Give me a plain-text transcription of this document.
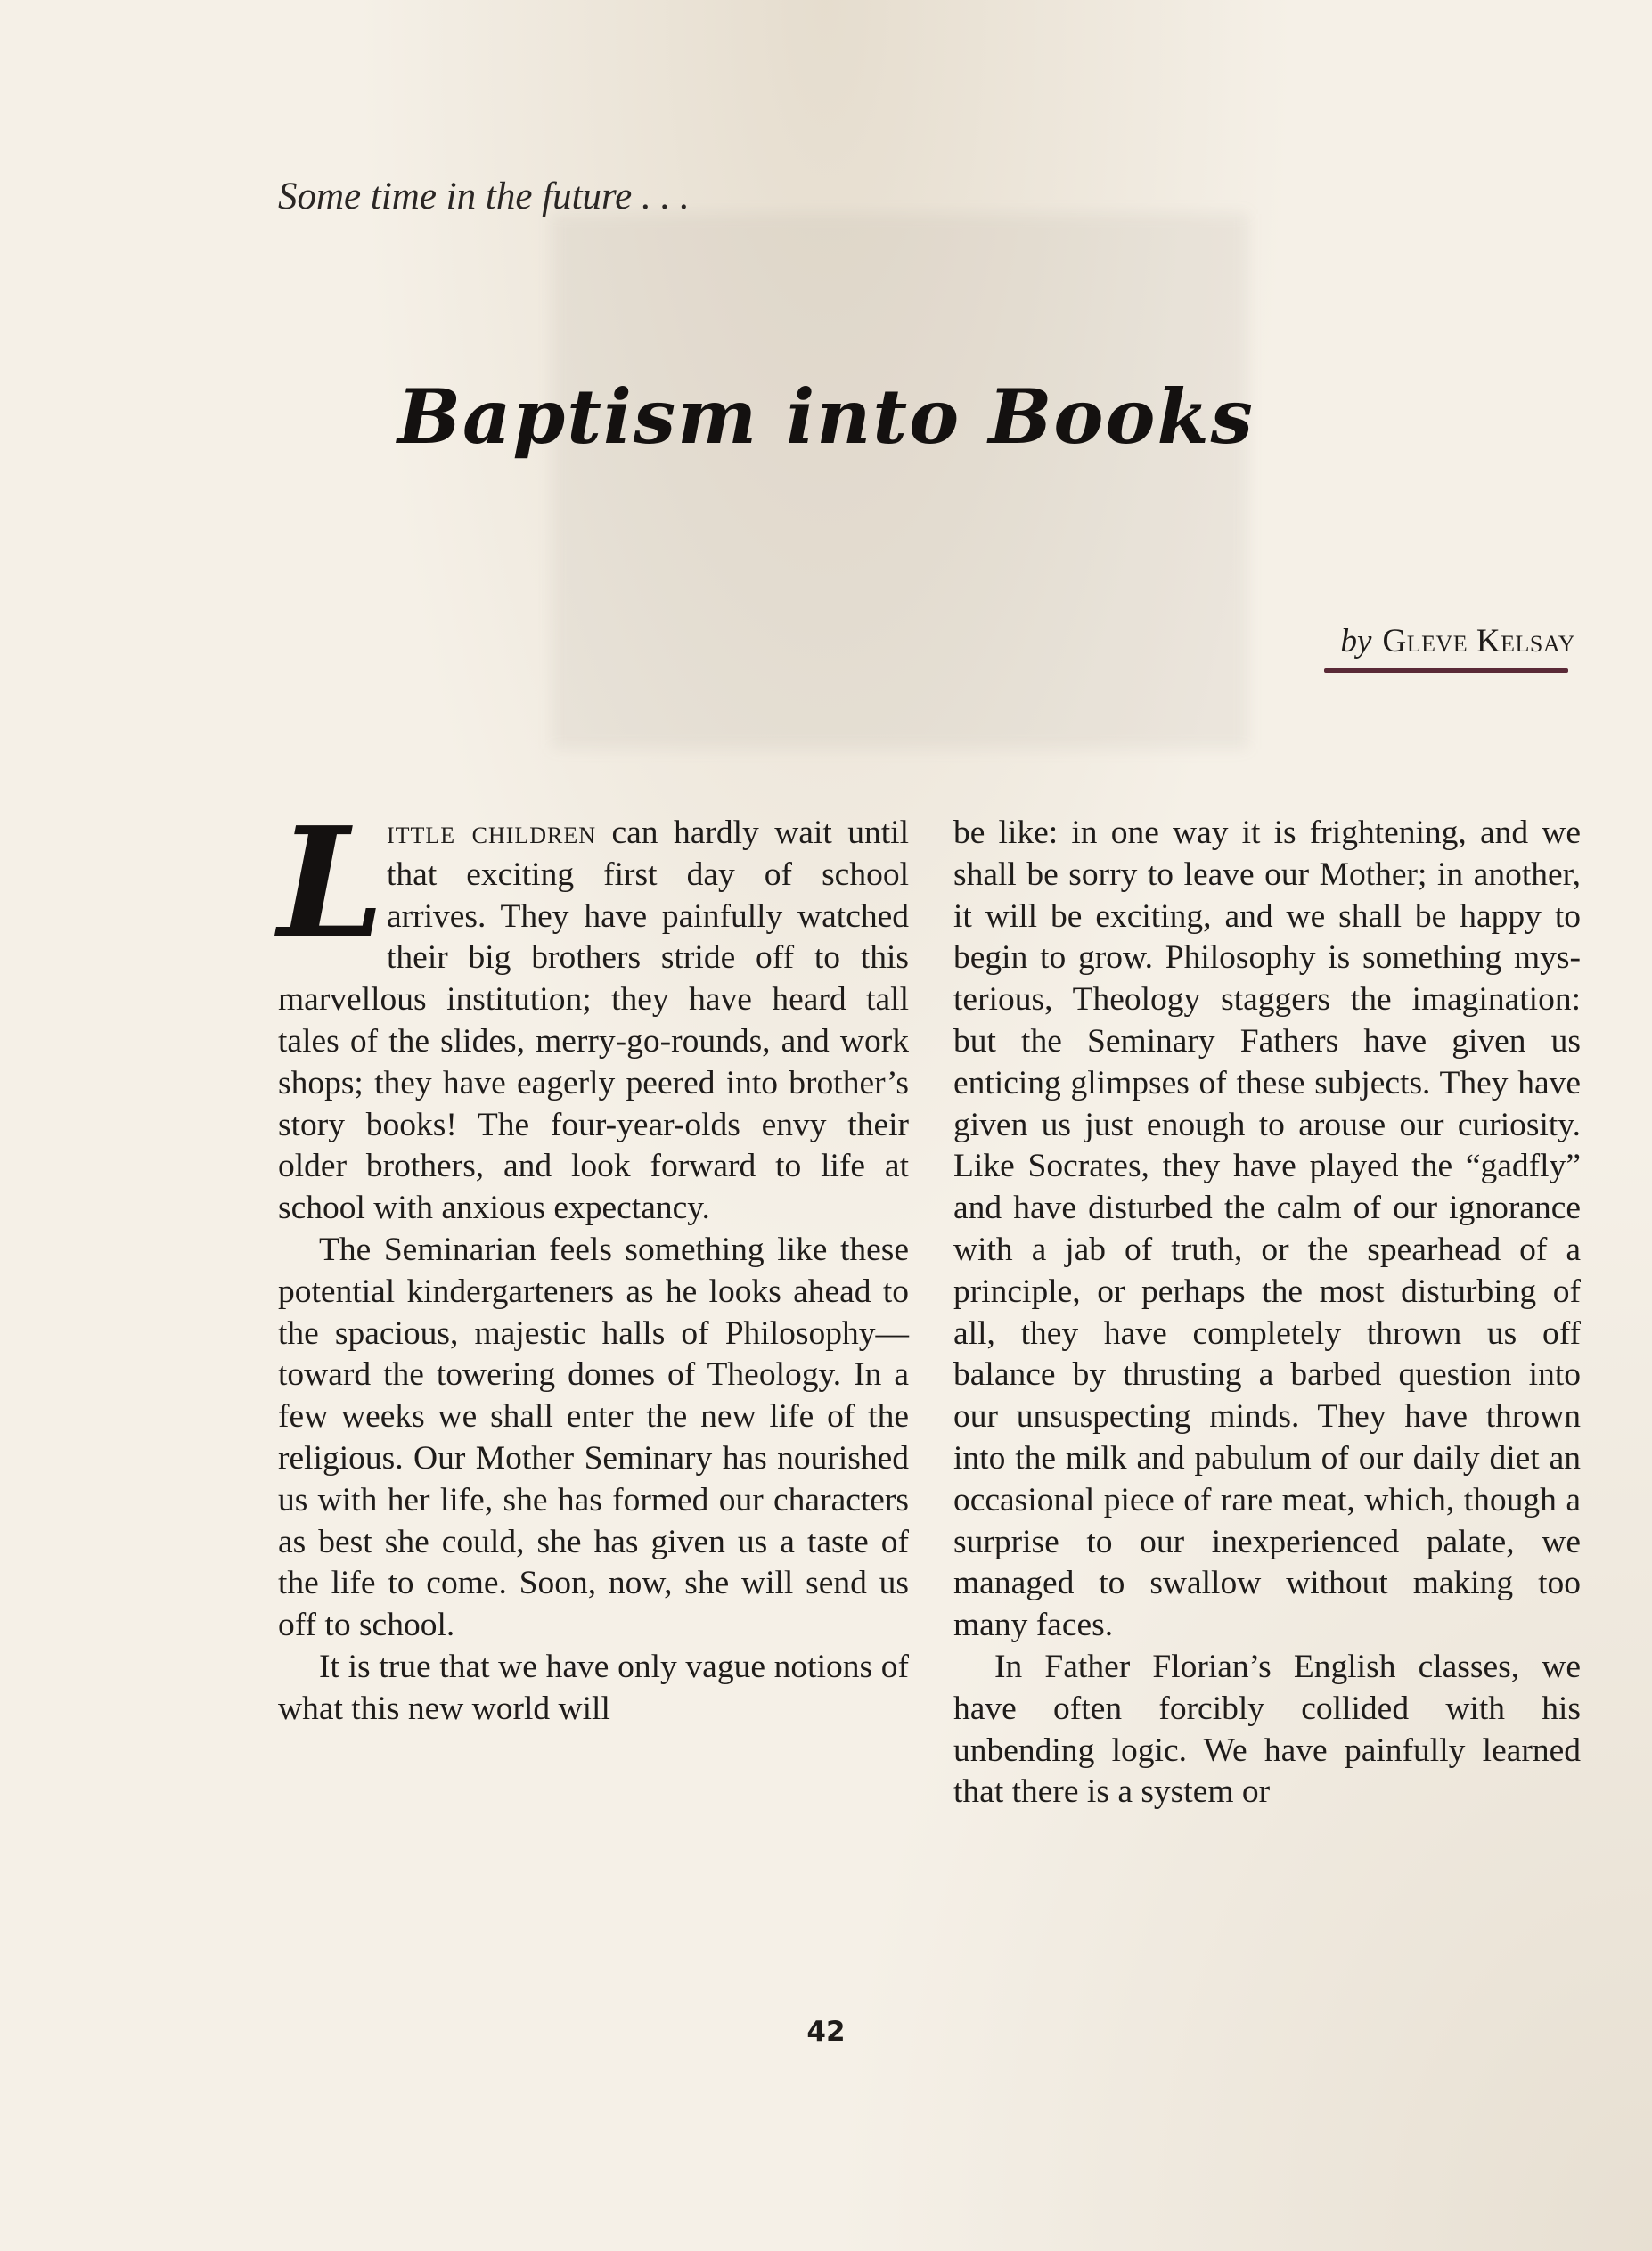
Some time in the future . . .
Baptism into Books
by Gleve Kelsay

Little children can hardly wait until that exciting first day of school arrives. They have painfully watched their big brothers stride off to this marvellous institution; they have heard tall tales of the slides, merry-go-rounds, and work shops; they have eagerly peered into brother’s story books! The four-year-olds envy their older brothers, and look forward to life at school with anxious expectancy.

The Seminarian feels something like these potential kindergarteners as he looks ahead to the spacious, majestic halls of Philosophy—toward the towering domes of Theology. In a few weeks we shall enter the new life of the religious. Our Mother Seminary has nourished us with her life, she has formed our characters as best she could, she has given us a taste of the life to come. Soon, now, she will send us off to school.

It is true that we have only vague notions of what this new world will

be like: in one way it is frightening, and we shall be sorry to leave our Mother; in another, it will be exciting, and we shall be happy to begin to grow. Philosophy is something mysterious, Theology staggers the imagination: but the Seminary Fathers have given us enticing glimpses of these subjects. They have given us just enough to arouse our curiosity. Like Socrates, they have played the “gadfly” and have disturbed the calm of our ignorance with a jab of truth, or the spearhead of a principle, or perhaps the most disturbing of all, they have completely thrown us off balance by thrusting a barbed question into our unsuspecting minds. They have thrown into the milk and pabulum of our daily diet an occasional piece of rare meat, which, though a surprise to our inexperienced palate, we managed to swallow without making too many faces.

In Father Florian’s English classes, we have often forcibly collided with his unbending logic. We have painfully learned that there is a system or

42
